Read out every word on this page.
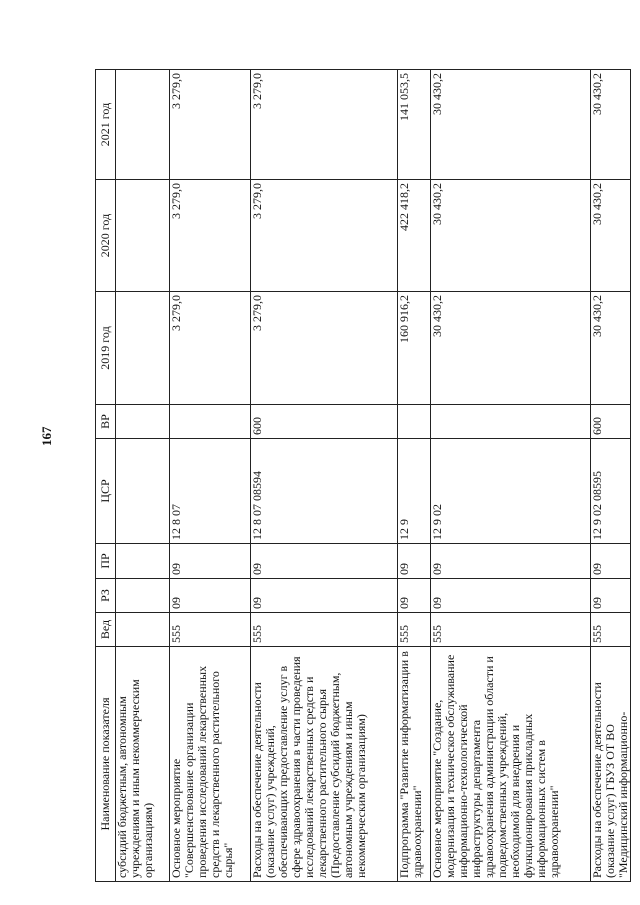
167
Наименование показателя	Вед	РЗ	ПР	ЦСР	ВР	2019 год	2020 год	2021 год
субсидий бюджетным, автономным учреждениям и иным некоммерческим организациям)								
Основное мероприятие "Совершенствование организации проведения исследований лекарственных средств и лекарственного растительного сырья"	555	09	09	12 8 07		3 279,0	3 279,0	3 279,0
Расходы на обеспечение деятельности (оказание услуг) учреждений, обеспечивающих предоставление услуг в сфере здравоохранения в части проведения исследований лекарственных средств и лекарственного растительного сырья (Предоставление субсидий бюджетным, автономным учреждениям и иным некоммерческим организациям)	555	09	09	12 8 07 08594	600	3 279,0	3 279,0	3 279,0
Подпрограмма "Развитие информатизации в здравоохранении"	555	09	09	12 9		160 916,2	422 418,2	141 053,5
Основное мероприятие "Создание, модернизация и техническое обслуживание информационно-технологической инфраструктуры департамента здравоохранения администрации области и подведомственных учреждений, необходимой для внедрения и функционирования прикладных информационных систем в здравоохранении"	555	09	09	12 9 02		30 430,2	30 430,2	30 430,2
Расходы на обеспечение деятельности (оказание услуг) ГБУЗ ОТ ВО "Медицинский информационно-	555	09	09	12 9 02 08595	600	30 430,2	30 430,2	30 430,2
